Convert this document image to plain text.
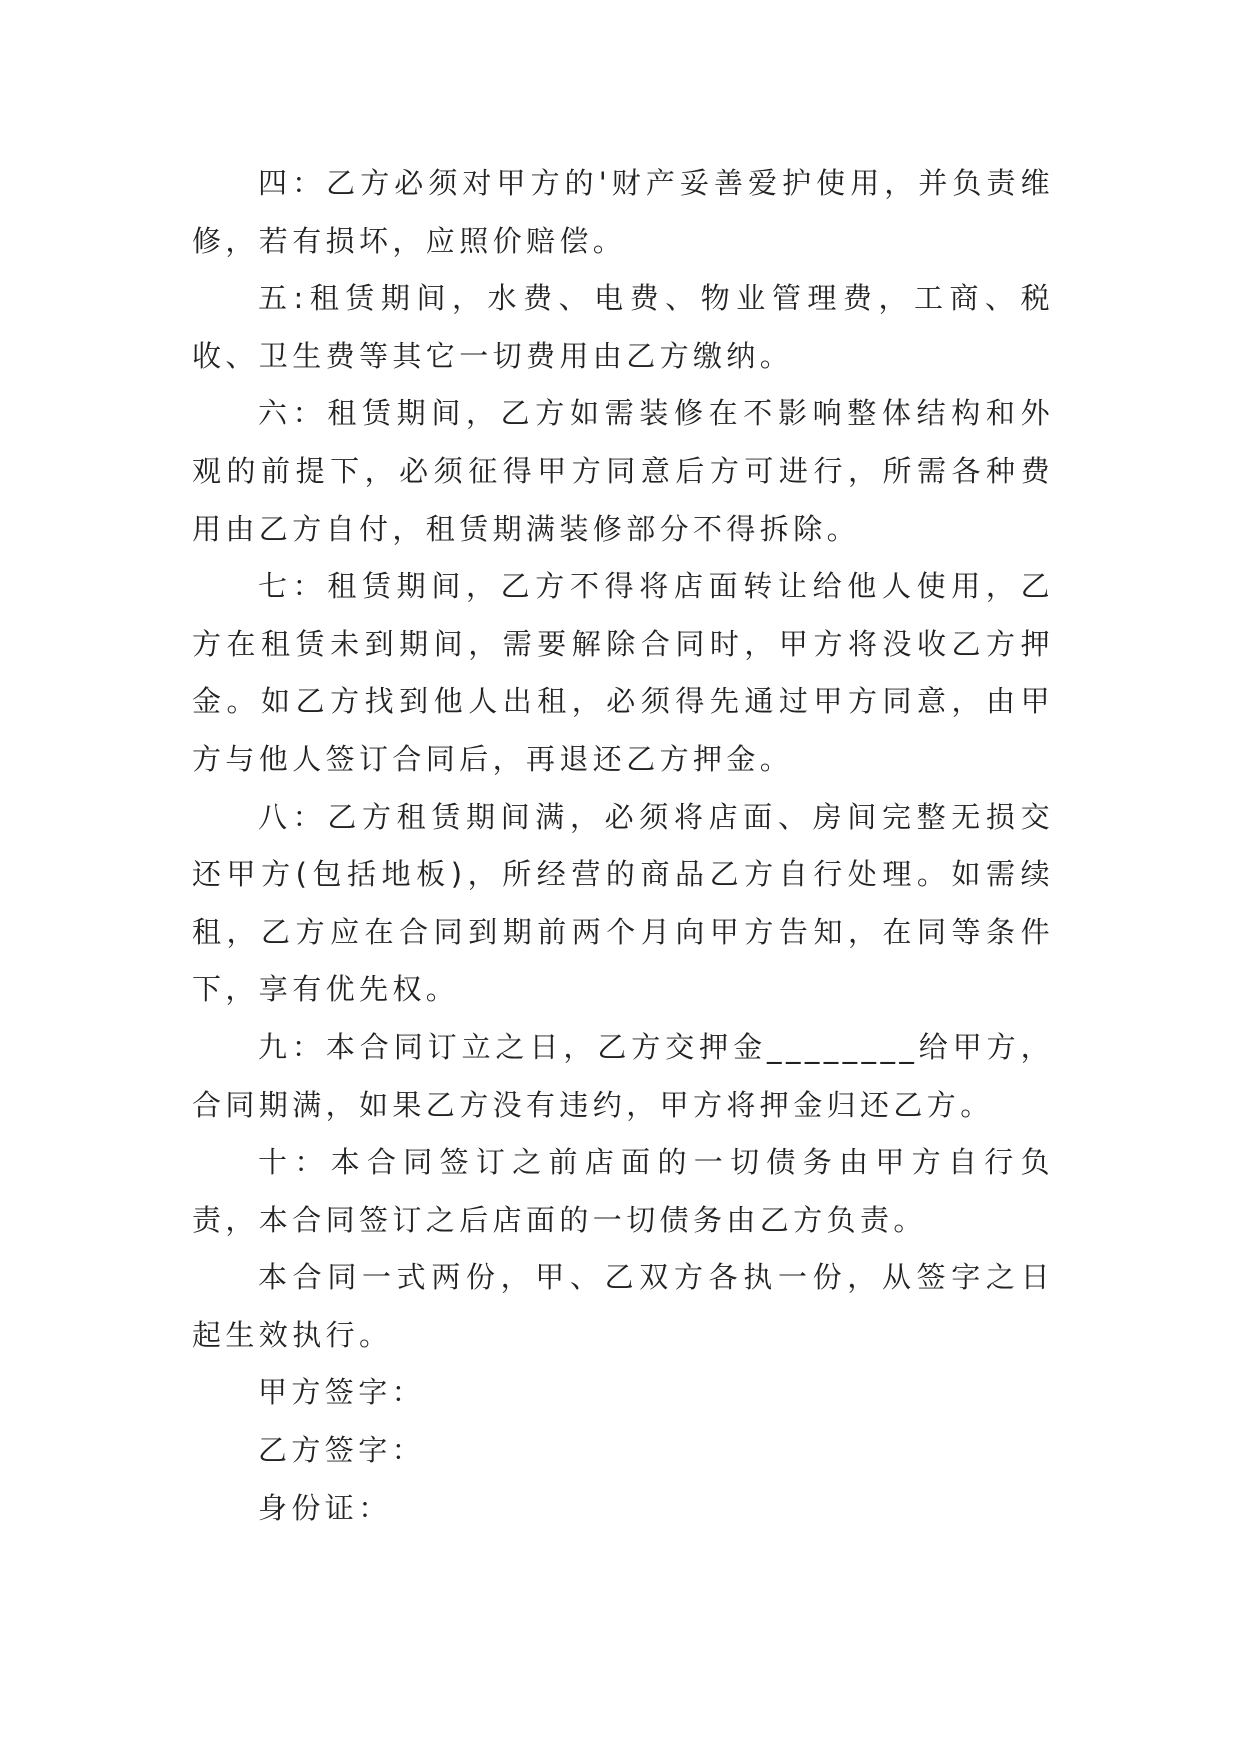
四：乙方必须对甲方的'财产妥善爱护使用，并负责维修，若有损坏，应照价赔偿。

五:租赁期间，水费、电费、物业管理费，工商、税收、卫生费等其它一切费用由乙方缴纳。

六：租赁期间，乙方如需装修在不影响整体结构和外观的前提下，必须征得甲方同意后方可进行，所需各种费用由乙方自付，租赁期满装修部分不得拆除。

七：租赁期间，乙方不得将店面转让给他人使用，乙方在租赁未到期间，需要解除合同时，甲方将没收乙方押金。如乙方找到他人出租，必须得先通过甲方同意，由甲方与他人签订合同后，再退还乙方押金。

八：乙方租赁期间满，必须将店面、房间完整无损交还甲方(包括地板)，所经营的商品乙方自行处理。如需续租，乙方应在合同到期前两个月向甲方告知，在同等条件下，享有优先权。

九：本合同订立之日，乙方交押金________给甲方，合同期满，如果乙方没有违约，甲方将押金归还乙方。

十：本合同签订之前店面的一切债务由甲方自行负责，本合同签订之后店面的一切债务由乙方负责。

本合同一式两份，甲、乙双方各执一份，从签字之日起生效执行。

甲方签字：

乙方签字：

身份证：
